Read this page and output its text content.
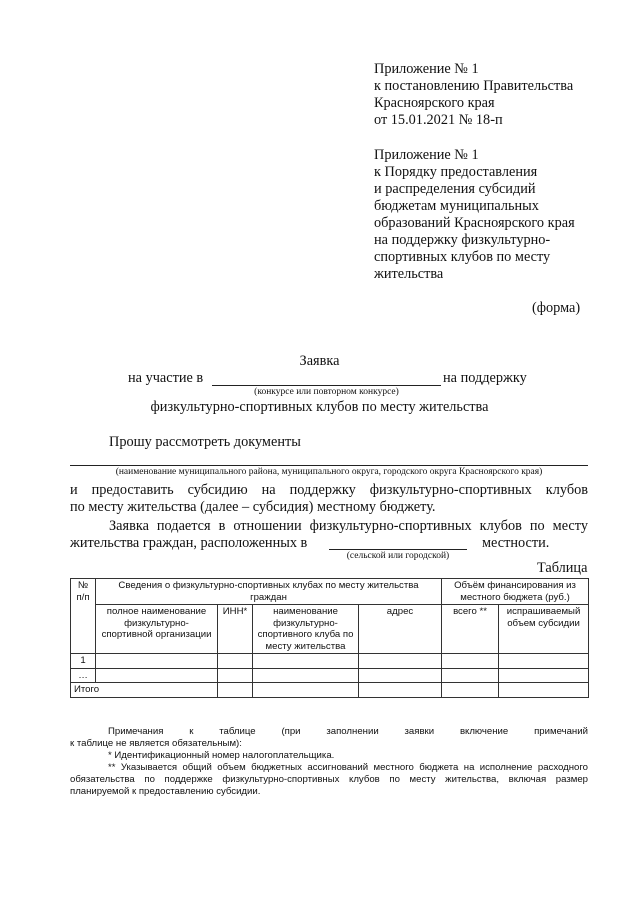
Приложение № 1
к постановлению Правительства
Красноярского края
от 15.01.2021 № 18-п
Приложение № 1
к Порядку предоставления
и распределения субсидий
бюджетам муниципальных
образований Красноярского края
на поддержку физкультурно-
спортивных клубов по месту
жительства
(форма)
Заявка
на участие в	на поддержку
(конкурсе или повторном конкурсе)
физкультурно-спортивных клубов по месту жительства
Прошу рассмотреть документы
(наименование муниципального района, муниципального округа, городского округа Красноярского края)
и предоставить субсидию на поддержку физкультурно-спортивных клубов
по месту жительства (далее – субсидия) местному бюджету.
Заявка подается в отношении физкультурно-спортивных клубов по месту
жительства граждан, расположенных в	местности.
(сельской или городской)
Таблица
№ п/п	Сведения о физкультурно-спортивных клубах по месту жительства граждан				Объём финансирования из местного бюджета (руб.)	
	полное наименование физкультурно-спортивной организации	ИНН*	наименование физкультурно-спортивного клуба по месту жительства	адрес	всего **	испрашиваемый объем субсидии
1						
…						
Итого						
Примечания	к	таблице	(при	заполнении	заявки	включение	примечаний
к таблице не является обязательным):
* Идентификационный номер налогоплательщика.
** Указывается общий объем бюджетных ассигнований местного бюджета на исполнение расходного
обязательства по поддержке физкультурно-спортивных клубов по месту жительства, включая размер
планируемой к предоставлению субсидии.
